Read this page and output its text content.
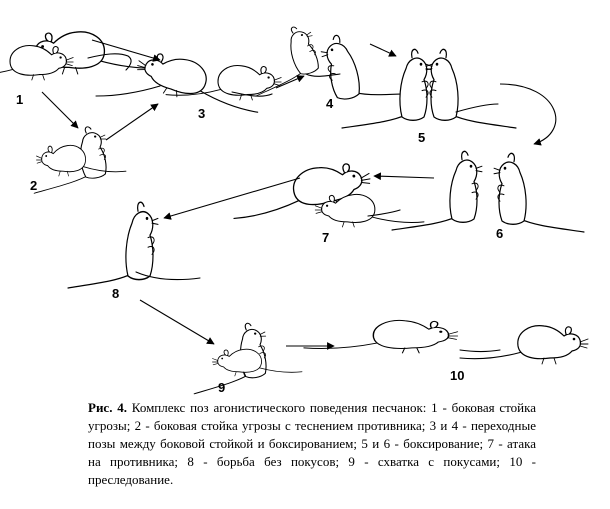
1
2
3
4
5
6
7
8
9
10
Рис. 4. Комплекс поз агонистического поведения песчанок: 1 - боковая стойка угрозы; 2 - боковая стойка угрозы с теснением противника; 3 и 4 - переходные позы между боковой стойкой и боксированием; 5 и 6 - боксирование; 7 - атака на противника; 8 - борьба без покусов; 9 - схватка с покусами; 10 - преследование.
